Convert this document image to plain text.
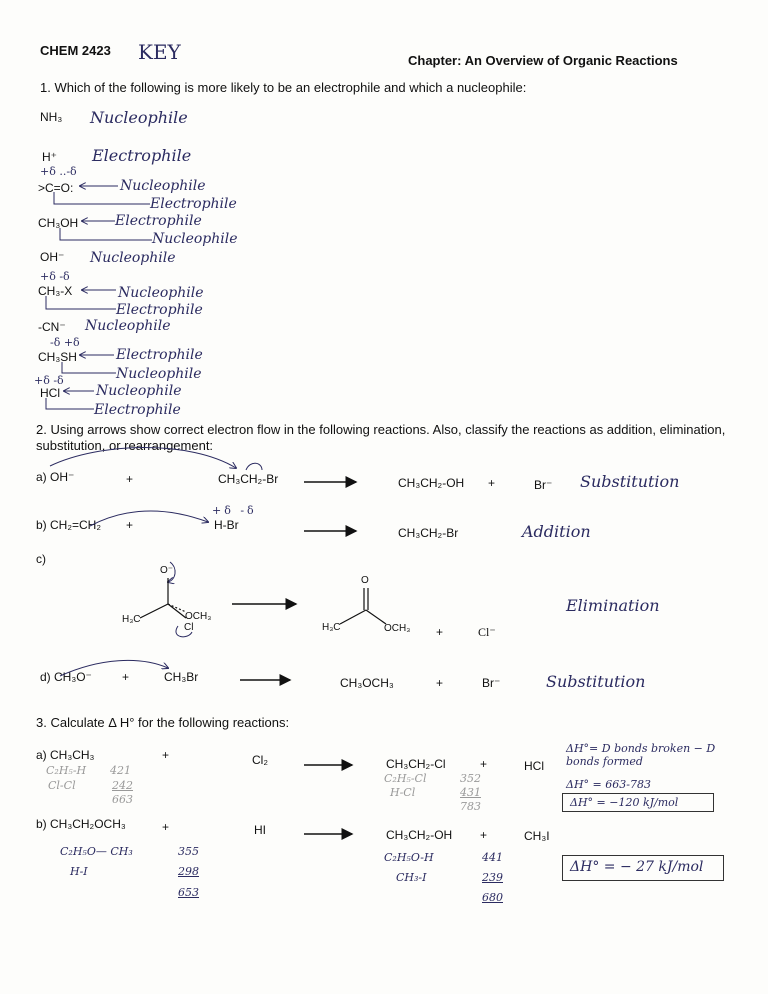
CHEM 2423 KEY	Chapter: An Overview of Organic Reactions
1. Which of the following is more likely to be an electrophile and which a nucleophile:
NH₃ Nucleophile
H⁺ Electrophile
+δ ..-δ
>C=O:	Nucleophile
Electrophile
CH₃OH	Electrophile
Nucleophile
OH⁻ Nucleophile
+δ -δ
CH₃-X	Nucleophile
Electrophile
-CN⁻ Nucleophile
-δ +δ
CH₃SH	Electrophile
Nucleophile
+δ -δ
HCl	Nucleophile
Electrophile
2. Using arrows show correct electron flow in the following reactions. Also, classify the reactions as addition, elimination, substitution, or rearrangement:
a) OH⁻	+	CH₃CH₂-Br	CH₃CH₂-OH +	Br⁻ Substitution
b) CH₂=CH₂ +
+δ -δ
H-Br
CH₃CH₂-Br	Addition
c)
O⁻
OCH₃
H₃C
Cl
O
H₃C	OCH₃ +	Cl⁻
Elimination
d) CH₃O⁻	+	CH₃Br	CH₃OCH₃	+	Br⁻	Substitution
3. Calculate Δ H° for the following reactions:
a) CH₃CH₃	+	Cl₂	CH₃CH₂-Cl	+	HCl
C₂H₅-H 421
Cl-Cl	242
663
C₂H₅-Cl	352
H-Cl	431
783
ΔH°= D bonds broken − D bonds formed
ΔH° = 663-783
ΔH° = −120 kJ/mol
b) CH₃CH₂OCH₃	+	HI	CH₃CH₂-OH +	CH₃I
C₂H₅O— CH₃	355
H-I	298
653
C₂H₅O-H	441
CH₃-I	239
680
ΔH° = − 27 kJ/mol
